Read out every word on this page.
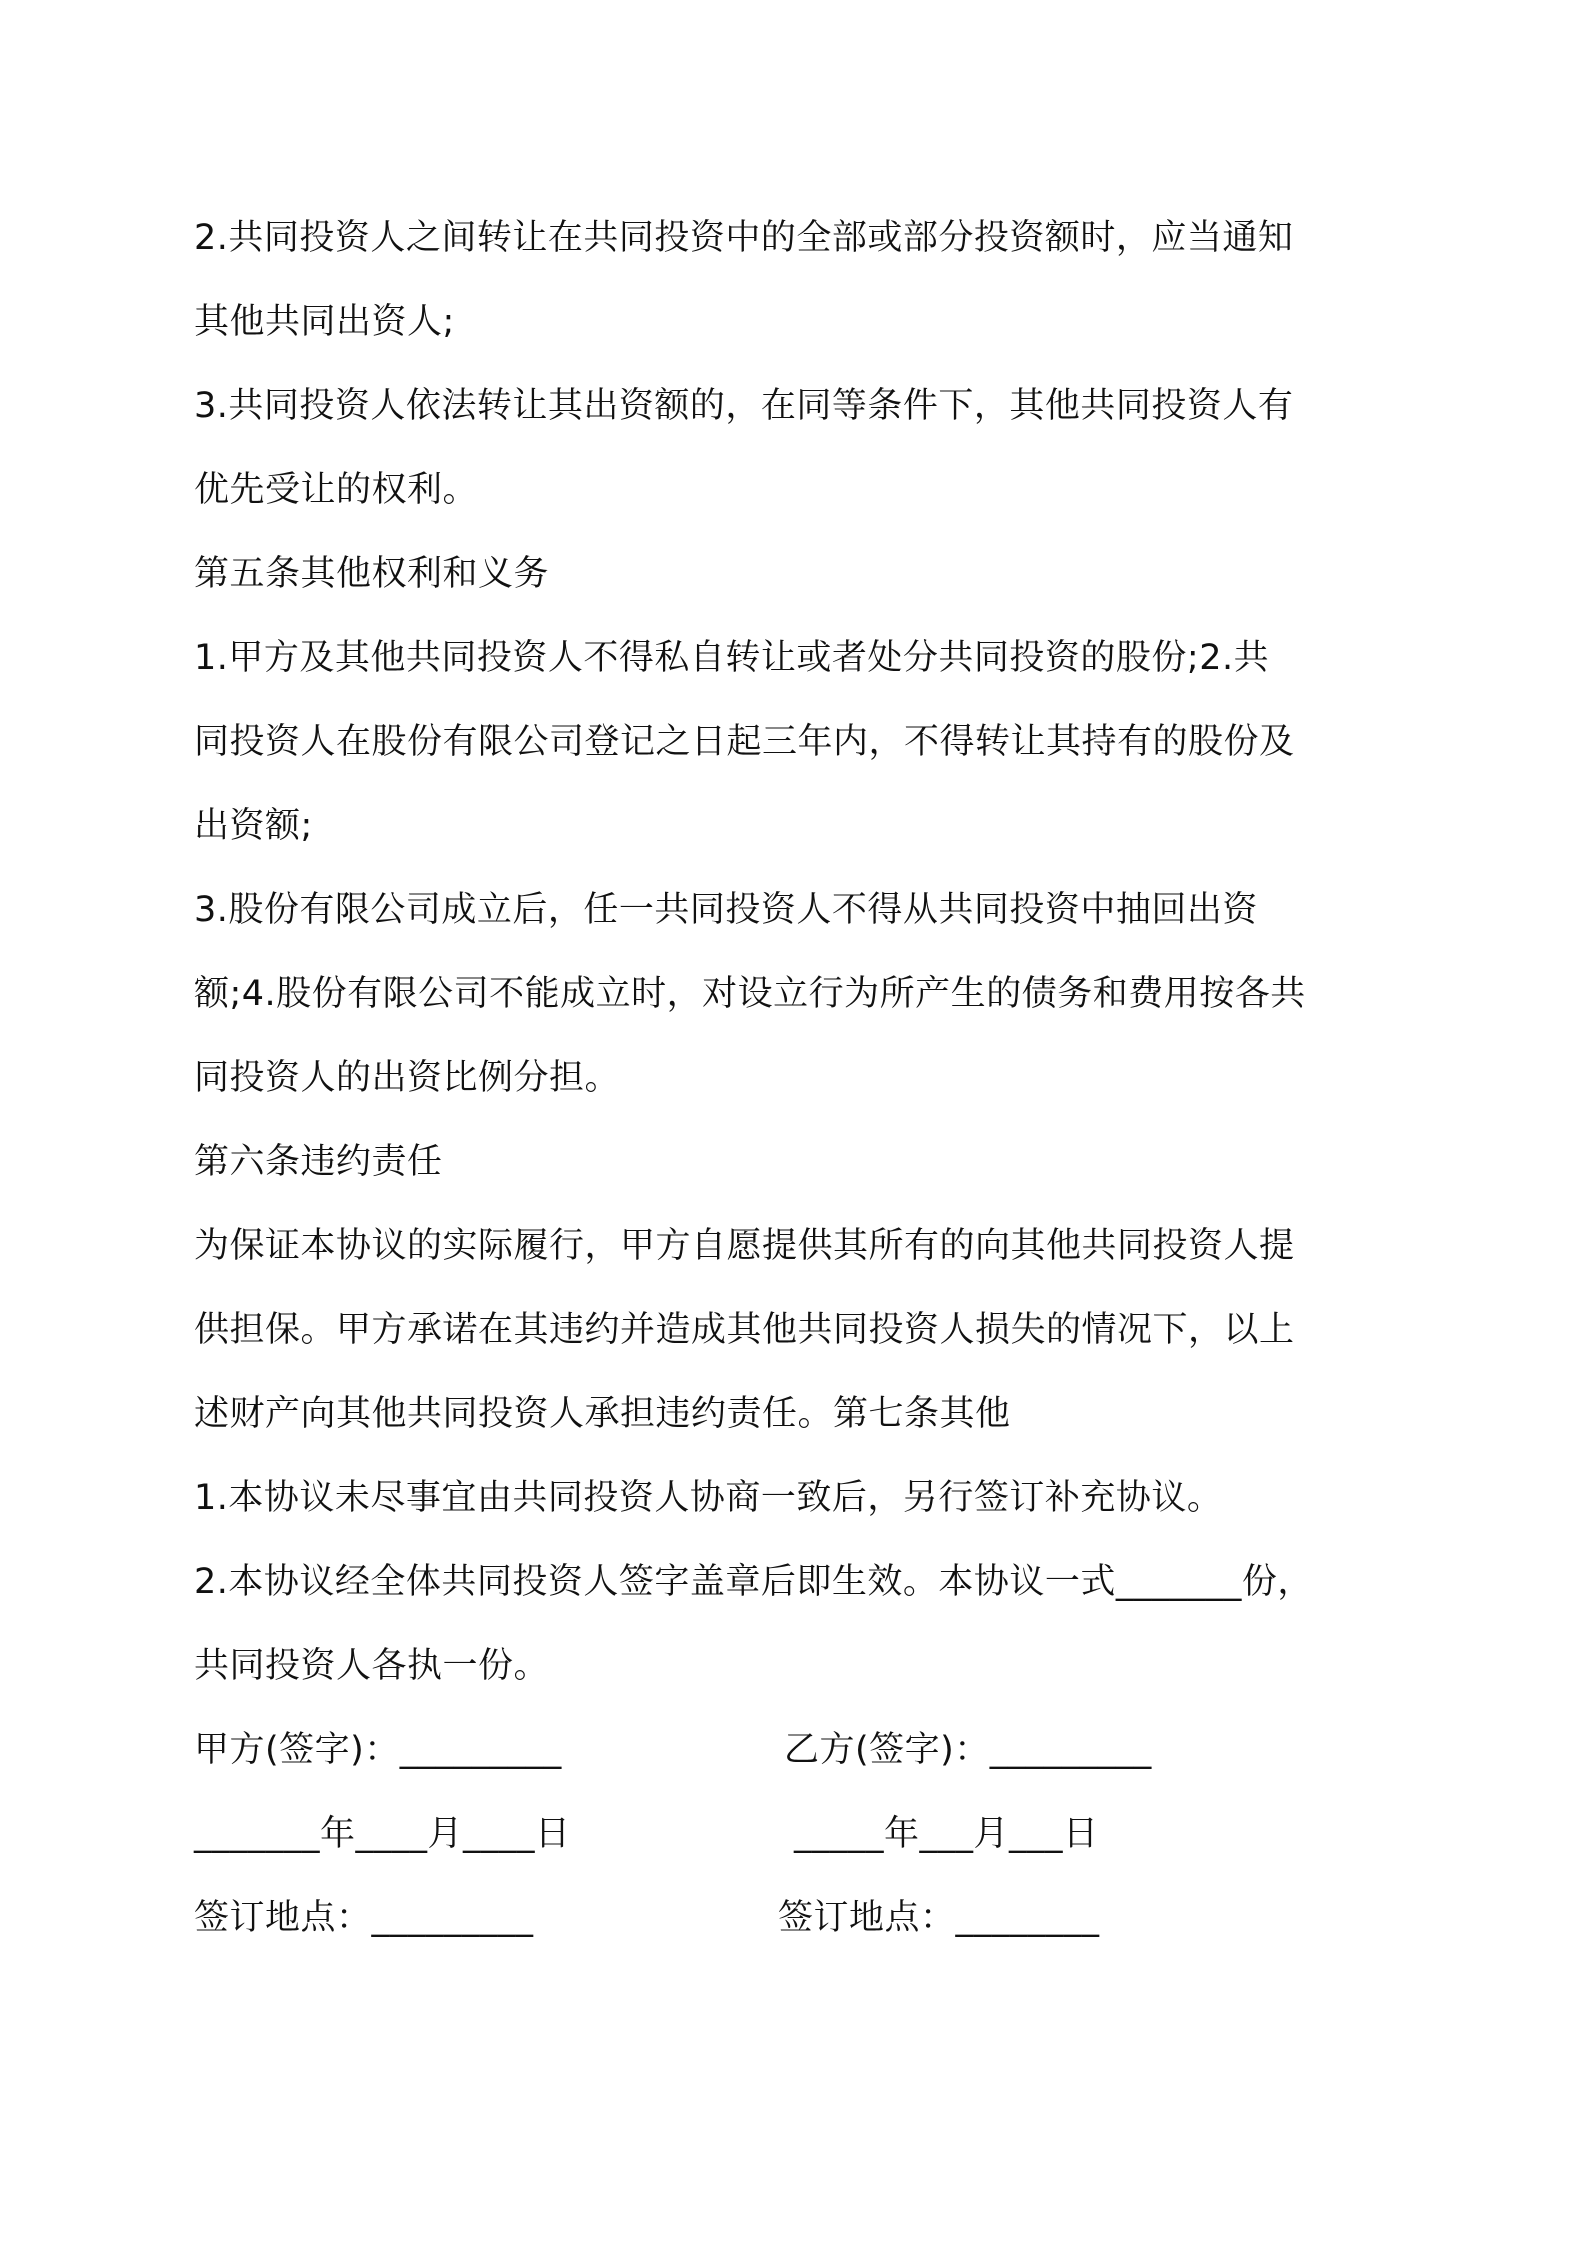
2.共同投资人之间转让在共同投资中的全部或部分投资额时，应当通知
其他共同出资人;
3.共同投资人依法转让其出资额的，在同等条件下，其他共同投资人有
优先受让的权利。
第五条其他权利和义务
1.甲方及其他共同投资人不得私自转让或者处分共同投资的股份;2.共
同投资人在股份有限公司登记之日起三年内，不得转让其持有的股份及
出资额;
3.股份有限公司成立后，任一共同投资人不得从共同投资中抽回出资
额;4.股份有限公司不能成立时，对设立行为所产生的债务和费用按各共
同投资人的出资比例分担。
第六条违约责任
为保证本协议的实际履行，甲方自愿提供其所有的向其他共同投资人提
供担保。甲方承诺在其违约并造成其他共同投资人损失的情况下，以上
述财产向其他共同投资人承担违约责任。第七条其他
1.本协议未尽事宜由共同投资人协商一致后，另行签订补充协议。
2.本协议经全体共同投资人签字盖章后即生效。本协议一式_______份，
共同投资人各执一份。
甲方(签字)：_________	乙方(签字)：_________
_______年____月____日	_____年___月___日
签订地点：_________	签订地点：________
